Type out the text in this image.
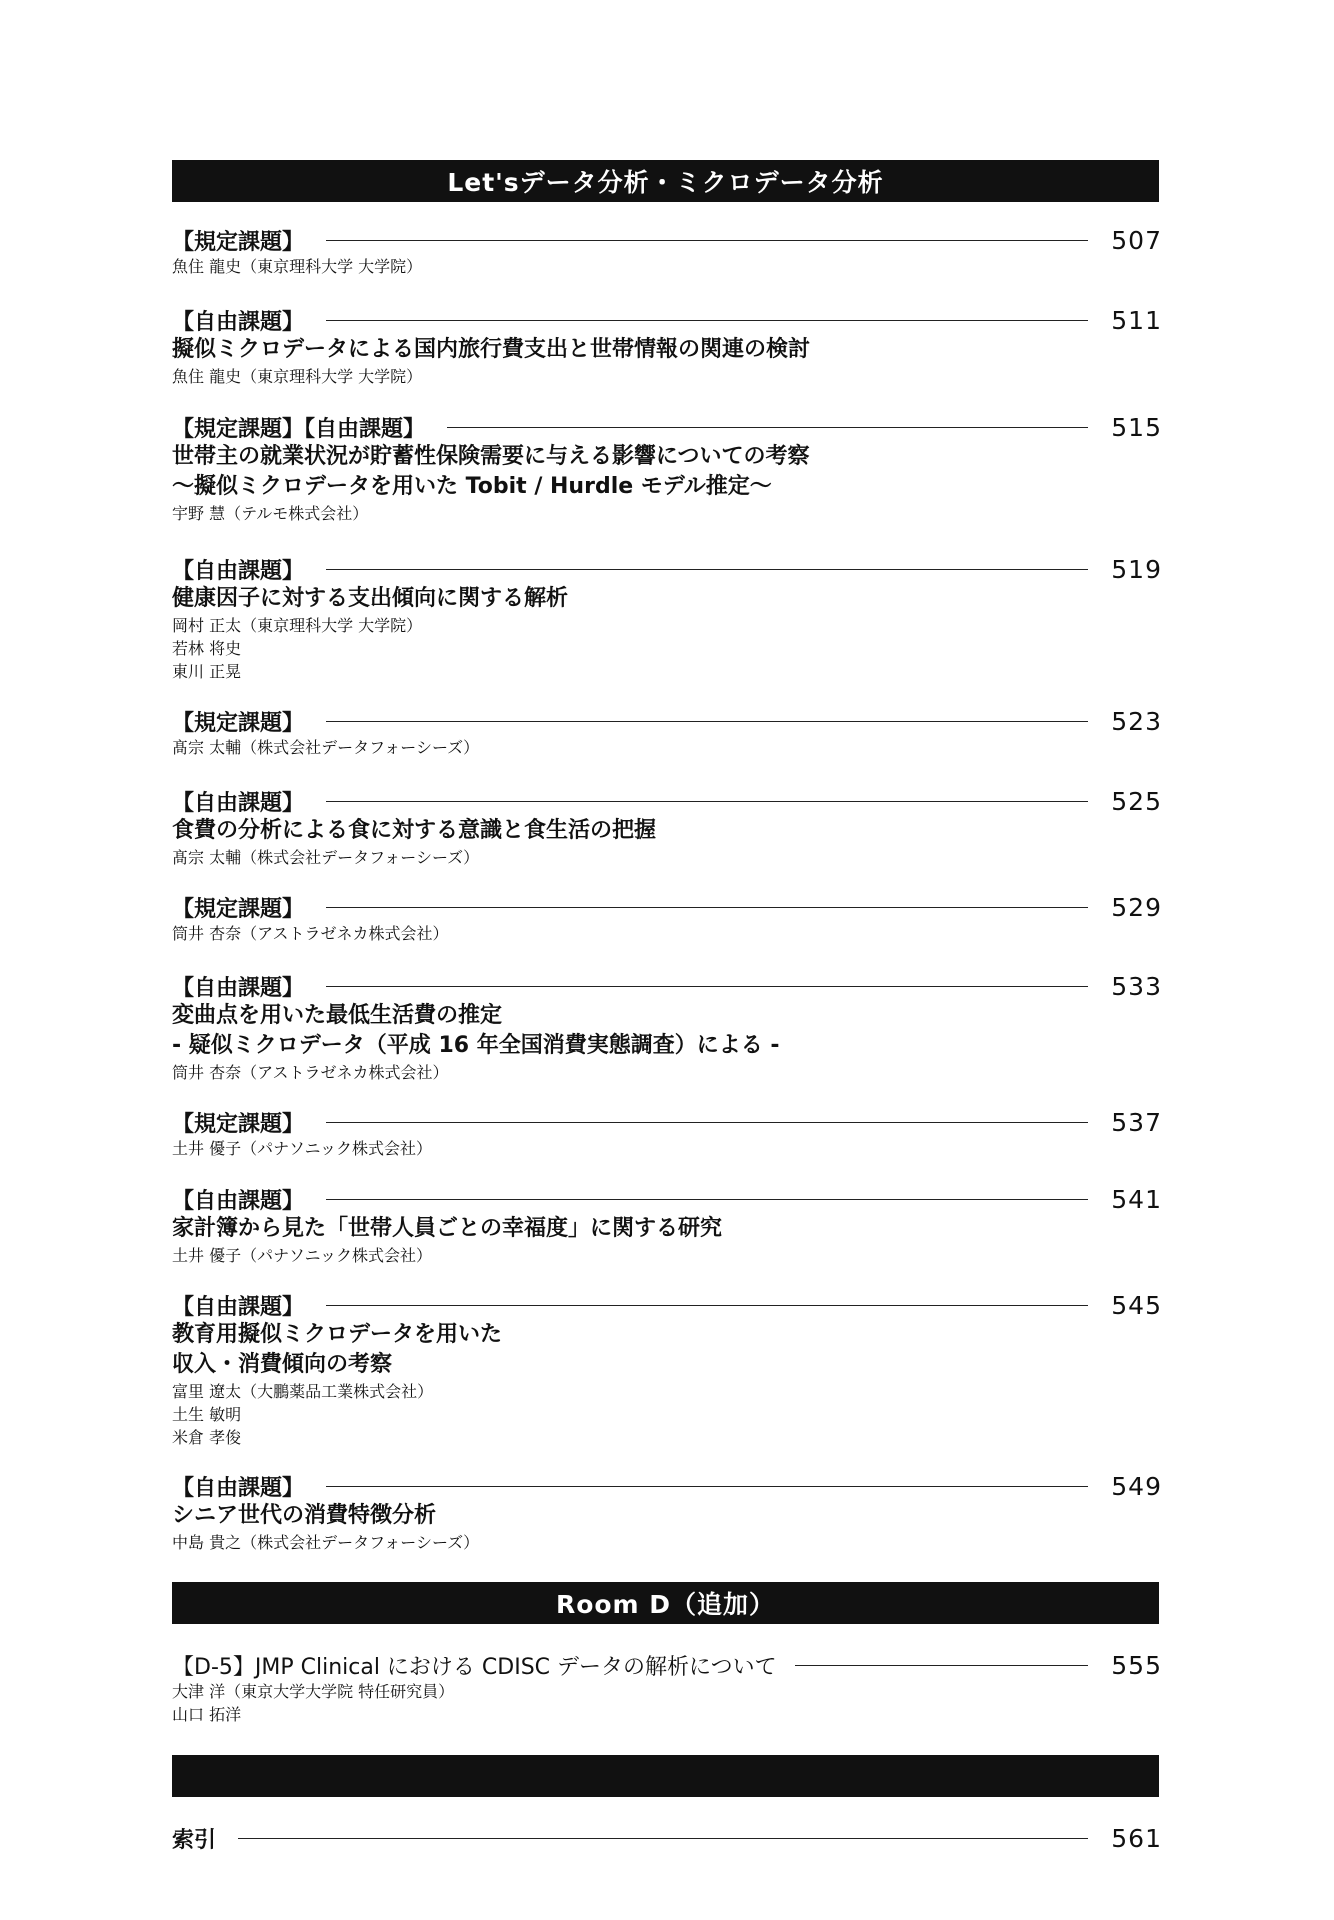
Let'sデータ分析・ミクロデータ分析
【規定課題】	507
魚住 龍史（東京理科大学 大学院）
【自由課題】	511
擬似ミクロデータによる国内旅行費支出と世帯情報の関連の検討
魚住 龍史（東京理科大学 大学院）
【規定課題】【自由課題】	515
世帯主の就業状況が貯蓄性保険需要に与える影響についての考察
～擬似ミクロデータを用いた Tobit / Hurdle モデル推定～
宇野 慧（テルモ株式会社）
【自由課題】	519
健康因子に対する支出傾向に関する解析
岡村 正太（東京理科大学 大学院）
若林 将史
東川 正晃
【規定課題】	523
髙宗 太輔（株式会社データフォーシーズ）
【自由課題】	525
食費の分析による食に対する意識と食生活の把握
髙宗 太輔（株式会社データフォーシーズ）
【規定課題】	529
筒井 杏奈（アストラゼネカ株式会社）
【自由課題】	533
変曲点を用いた最低生活費の推定
- 疑似ミクロデータ（平成 16 年全国消費実態調査）による -
筒井 杏奈（アストラゼネカ株式会社）
【規定課題】	537
土井 優子（パナソニック株式会社）
【自由課題】	541
家計簿から見た「世帯人員ごとの幸福度」に関する研究
土井 優子（パナソニック株式会社）
【自由課題】	545
教育用擬似ミクロデータを用いた
収入・消費傾向の考察
富里 遼太（大鵬薬品工業株式会社）
土生 敏明
米倉 孝俊
【自由課題】	549
シニア世代の消費特徴分析
中島 貴之（株式会社データフォーシーズ）
Room D（追加）
【D-5】JMP Clinical における CDISC データの解析について	555
大津 洋（東京大学大学院 特任研究員）
山口 拓洋
索引	561
